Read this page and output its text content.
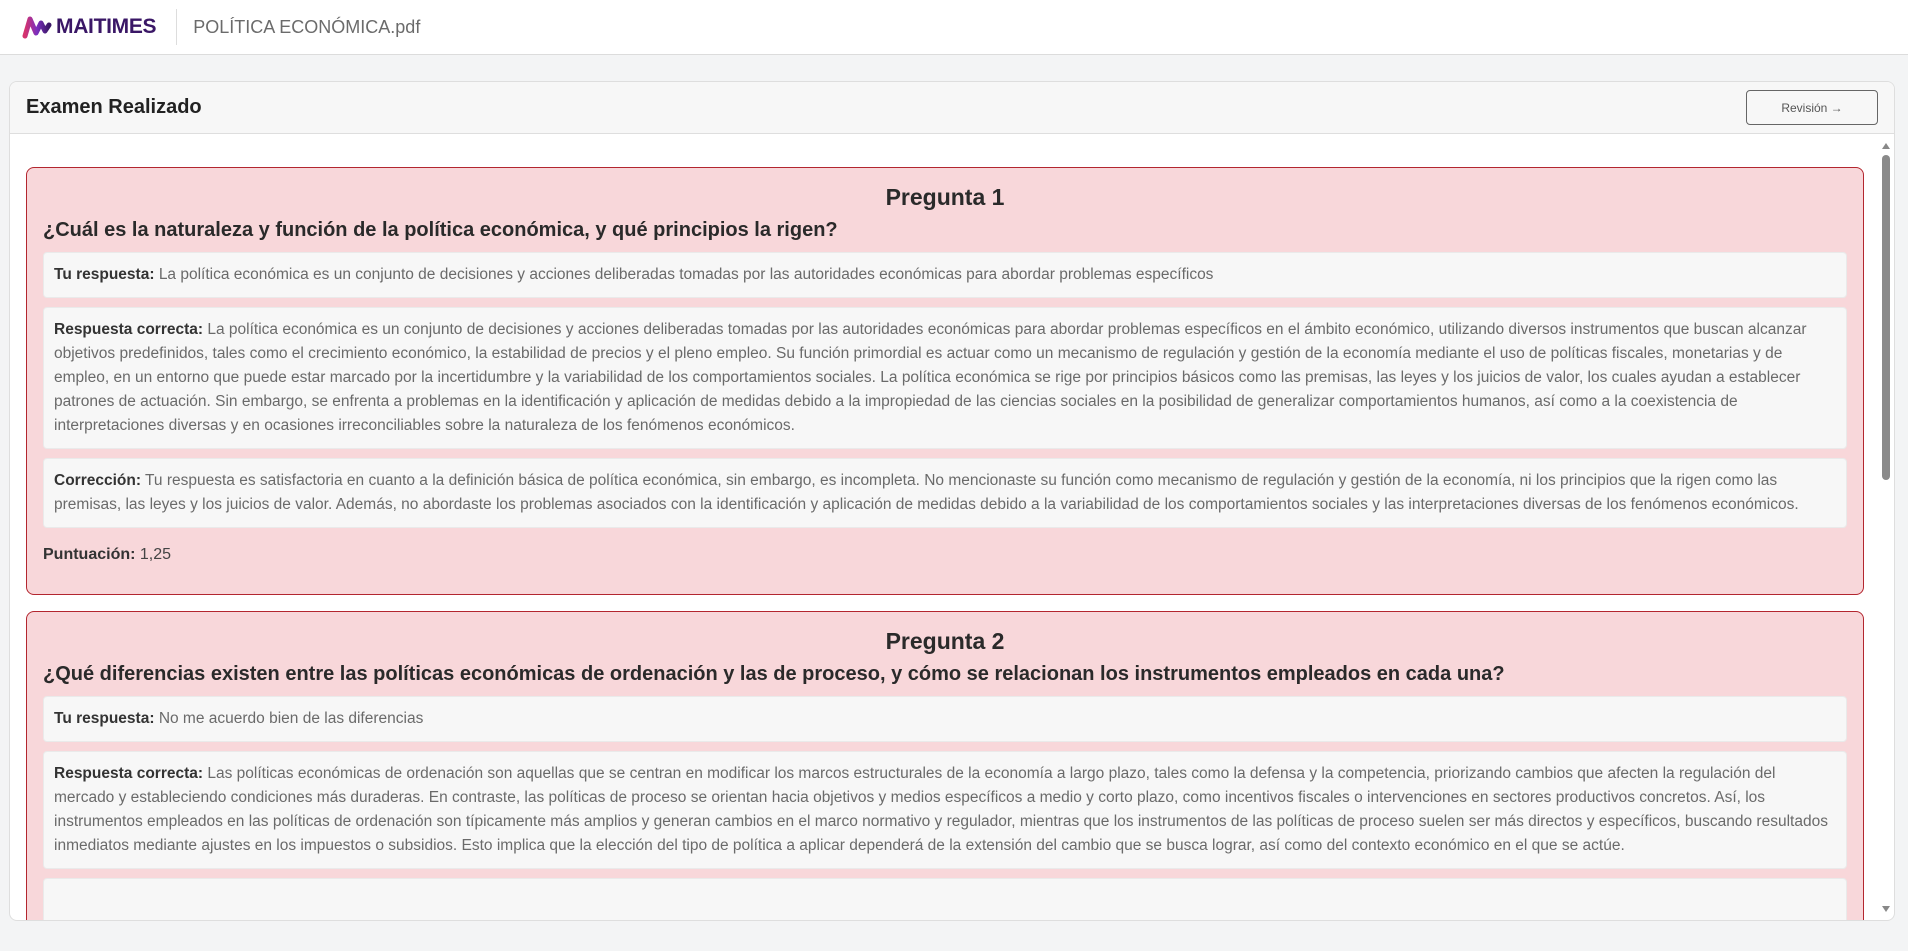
MAITIMES POLÍTICA ECONÓMICA.pdf
Examen Realizado	Revisión →
Pregunta 1
¿Cuál es la naturaleza y función de la política económica, y qué principios la rigen?
Tu respuesta: La política económica es un conjunto de decisiones y acciones deliberadas tomadas por las autoridades económicas para abordar problemas específicos
Respuesta correcta: La política económica es un conjunto de decisiones y acciones deliberadas tomadas por las autoridades económicas para abordar problemas específicos en el ámbito económico, utilizando diversos instrumentos que buscan alcanzar objetivos predefinidos, tales como el crecimiento económico, la estabilidad de precios y el pleno empleo. Su función primordial es actuar como un mecanismo de regulación y gestión de la economía mediante el uso de políticas fiscales, monetarias y de empleo, en un entorno que puede estar marcado por la incertidumbre y la variabilidad de los comportamientos sociales. La política económica se rige por principios básicos como las premisas, las leyes y los juicios de valor, los cuales ayudan a establecer patrones de actuación. Sin embargo, se enfrenta a problemas en la identificación y aplicación de medidas debido a la impropiedad de las ciencias sociales en la posibilidad de generalizar comportamientos humanos, así como a la coexistencia de interpretaciones diversas y en ocasiones irreconciliables sobre la naturaleza de los fenómenos económicos.
Corrección: Tu respuesta es satisfactoria en cuanto a la definición básica de política económica, sin embargo, es incompleta. No mencionaste su función como mecanismo de regulación y gestión de la economía, ni los principios que la rigen como las premisas, las leyes y los juicios de valor. Además, no abordaste los problemas asociados con la identificación y aplicación de medidas debido a la variabilidad de los comportamientos sociales y las interpretaciones diversas de los fenómenos económicos.
Puntuación: 1,25
Pregunta 2
¿Qué diferencias existen entre las políticas económicas de ordenación y las de proceso, y cómo se relacionan los instrumentos empleados en cada una?
Tu respuesta: No me acuerdo bien de las diferencias
Respuesta correcta: Las políticas económicas de ordenación son aquellas que se centran en modificar los marcos estructurales de la economía a largo plazo, tales como la defensa y la competencia, priorizando cambios que afecten la regulación del mercado y estableciendo condiciones más duraderas. En contraste, las políticas de proceso se orientan hacia objetivos y medios específicos a medio y corto plazo, como incentivos fiscales o intervenciones en sectores productivos concretos. Así, los instrumentos empleados en las políticas de ordenación son típicamente más amplios y generan cambios en el marco normativo y regulador, mientras que los instrumentos de las políticas de proceso suelen ser más directos y específicos, buscando resultados inmediatos mediante ajustes en los impuestos o subsidios. Esto implica que la elección del tipo de política a aplicar dependerá de la extensión del cambio que se busca lograr, así como del contexto económico en el que se actúe.
